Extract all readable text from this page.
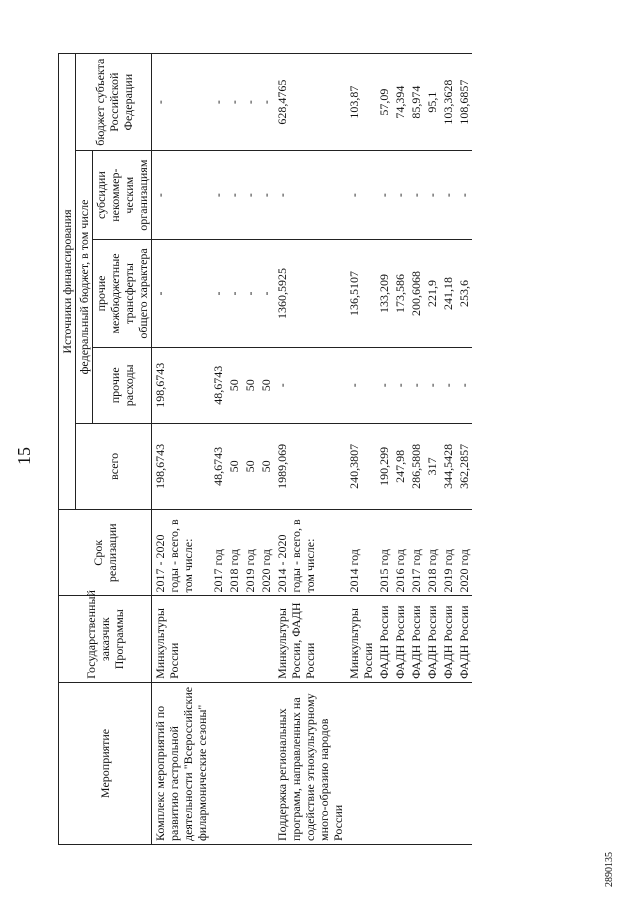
15
Мероприятие	Государственный заказчик Программы	Срок реализации	Источники финансирования				
			всего	федеральный бюджет, в том числе			бюджет субъекта Российской Федерации
				прочие расходы	прочие межбюджетные трансферты общего характера	субсидии некоммер-ческим организациям	
Комплекс мероприятий по развитию гастрольной деятельности "Всероссийские филармонические сезоны"	Минкультуры России	2017 - 2020 годы - всего, в том числе:	198,6743	198,6743	-	-	-
		2017 год	48,6743	48,6743	-	-	-
		2018 год	50	50	-	-	-
		2019 год	50	50	-	-	-
		2020 год	50	50	-	-	-
Поддержка региональных программ, направленных на содействие этнокультурному много-образию народов России	Минкультуры России, ФАДН России	2014 - 2020 годы - всего, в том числе:	1989,069	-	1360,5925	-	628,4765
	Минкультуры России	2014 год	240,3807	-	136,5107	-	103,87
	ФАДН России	2015 год	190,299	-	133,209	-	57,09
	ФАДН России	2016 год	247,98	-	173,586	-	74,394
	ФАДН России	2017 год	286,5808	-	200,6068	-	85,974
	ФАДН России	2018 год	317	-	221,9	-	95,1
	ФАДН России	2019 год	344,5428	-	241,18	-	103,3628
	ФАДН России	2020 год	362,2857	-	253,6	-	108,6857
2890135
